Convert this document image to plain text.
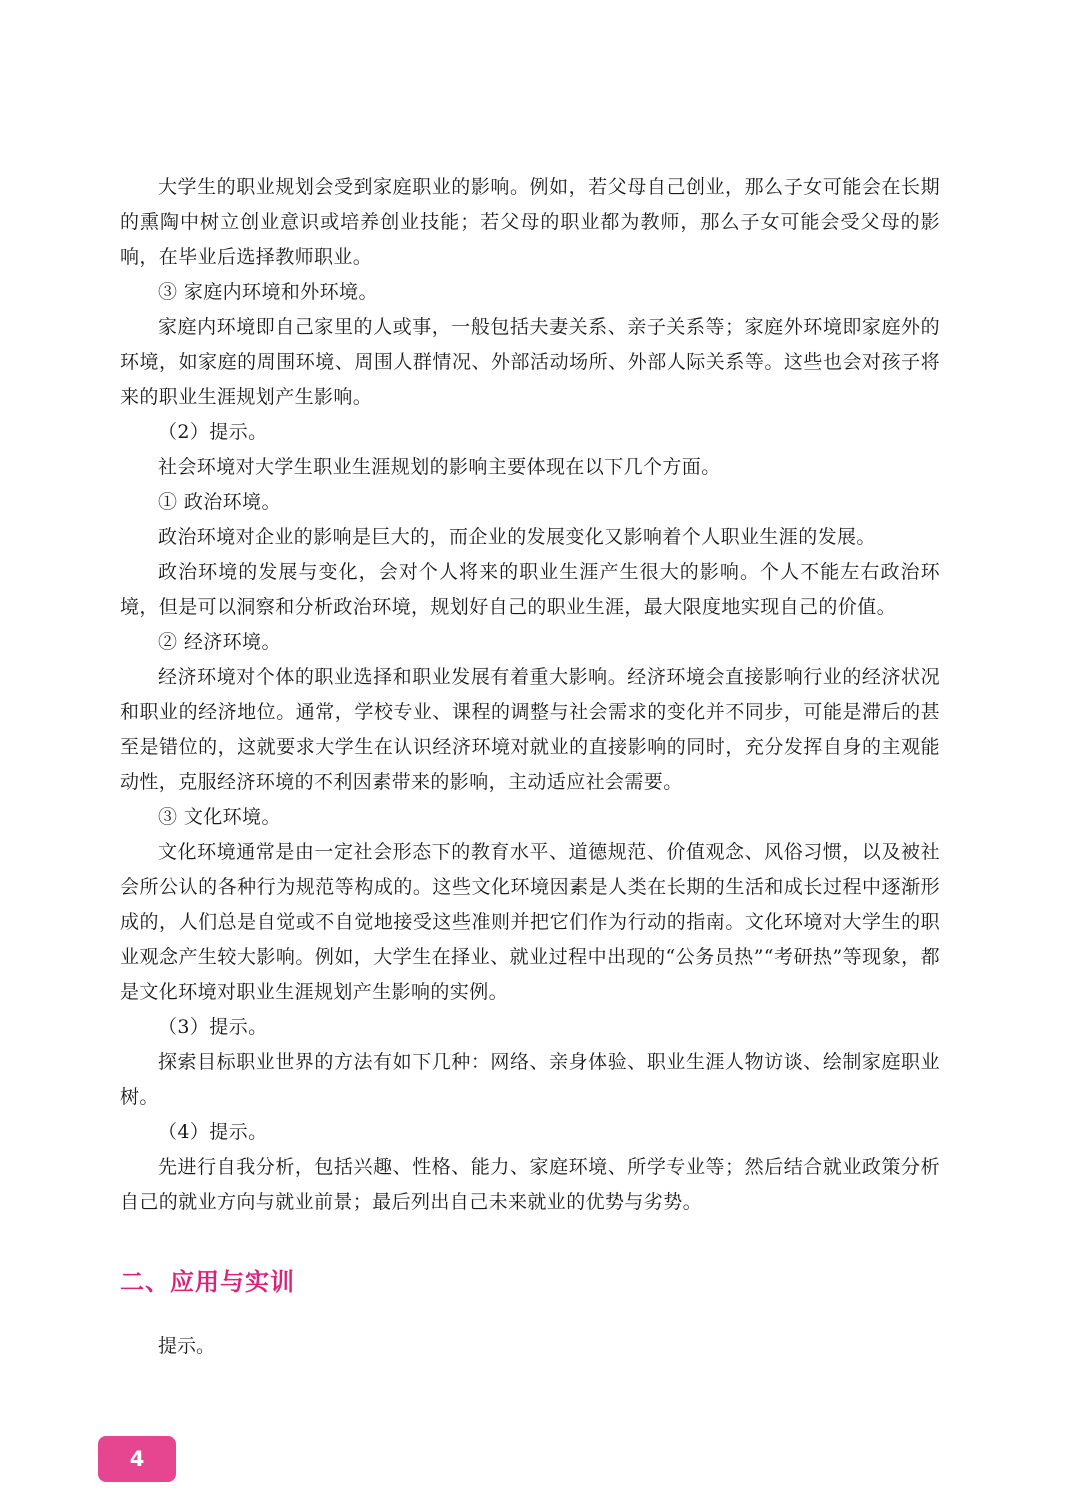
大学生的职业规划会受到家庭职业的影响。例如，若父母自己创业，那么子女可能会在长期的熏陶中树立创业意识或培养创业技能；若父母的职业都为教师，那么子女可能会受父母的影响，在毕业后选择教师职业。

③ 家庭内环境和外环境。

家庭内环境即自己家里的人或事，一般包括夫妻关系、亲子关系等；家庭外环境即家庭外的环境，如家庭的周围环境、周围人群情况、外部活动场所、外部人际关系等。这些也会对孩子将来的职业生涯规划产生影响。

（2）提示。

社会环境对大学生职业生涯规划的影响主要体现在以下几个方面。

① 政治环境。

政治环境对企业的影响是巨大的，而企业的发展变化又影响着个人职业生涯的发展。

政治环境的发展与变化，会对个人将来的职业生涯产生很大的影响。个人不能左右政治环境，但是可以洞察和分析政治环境，规划好自己的职业生涯，最大限度地实现自己的价值。

② 经济环境。

经济环境对个体的职业选择和职业发展有着重大影响。经济环境会直接影响行业的经济状况和职业的经济地位。通常，学校专业、课程的调整与社会需求的变化并不同步，可能是滞后的甚至是错位的，这就要求大学生在认识经济环境对就业的直接影响的同时，充分发挥自身的主观能动性，克服经济环境的不利因素带来的影响，主动适应社会需要。

③ 文化环境。

文化环境通常是由一定社会形态下的教育水平、道德规范、价值观念、风俗习惯，以及被社会所公认的各种行为规范等构成的。这些文化环境因素是人类在长期的生活和成长过程中逐渐形成的，人们总是自觉或不自觉地接受这些准则并把它们作为行动的指南。文化环境对大学生的职业观念产生较大影响。例如，大学生在择业、就业过程中出现的“公务员热”“考研热”等现象，都是文化环境对职业生涯规划产生影响的实例。

（3）提示。

探索目标职业世界的方法有如下几种：网络、亲身体验、职业生涯人物访谈、绘制家庭职业树。

（4）提示。

先进行自我分析，包括兴趣、性格、能力、家庭环境、所学专业等；然后结合就业政策分析自己的就业方向与就业前景；最后列出自己未来就业的优势与劣势。

二、应用与实训

提示。

4
